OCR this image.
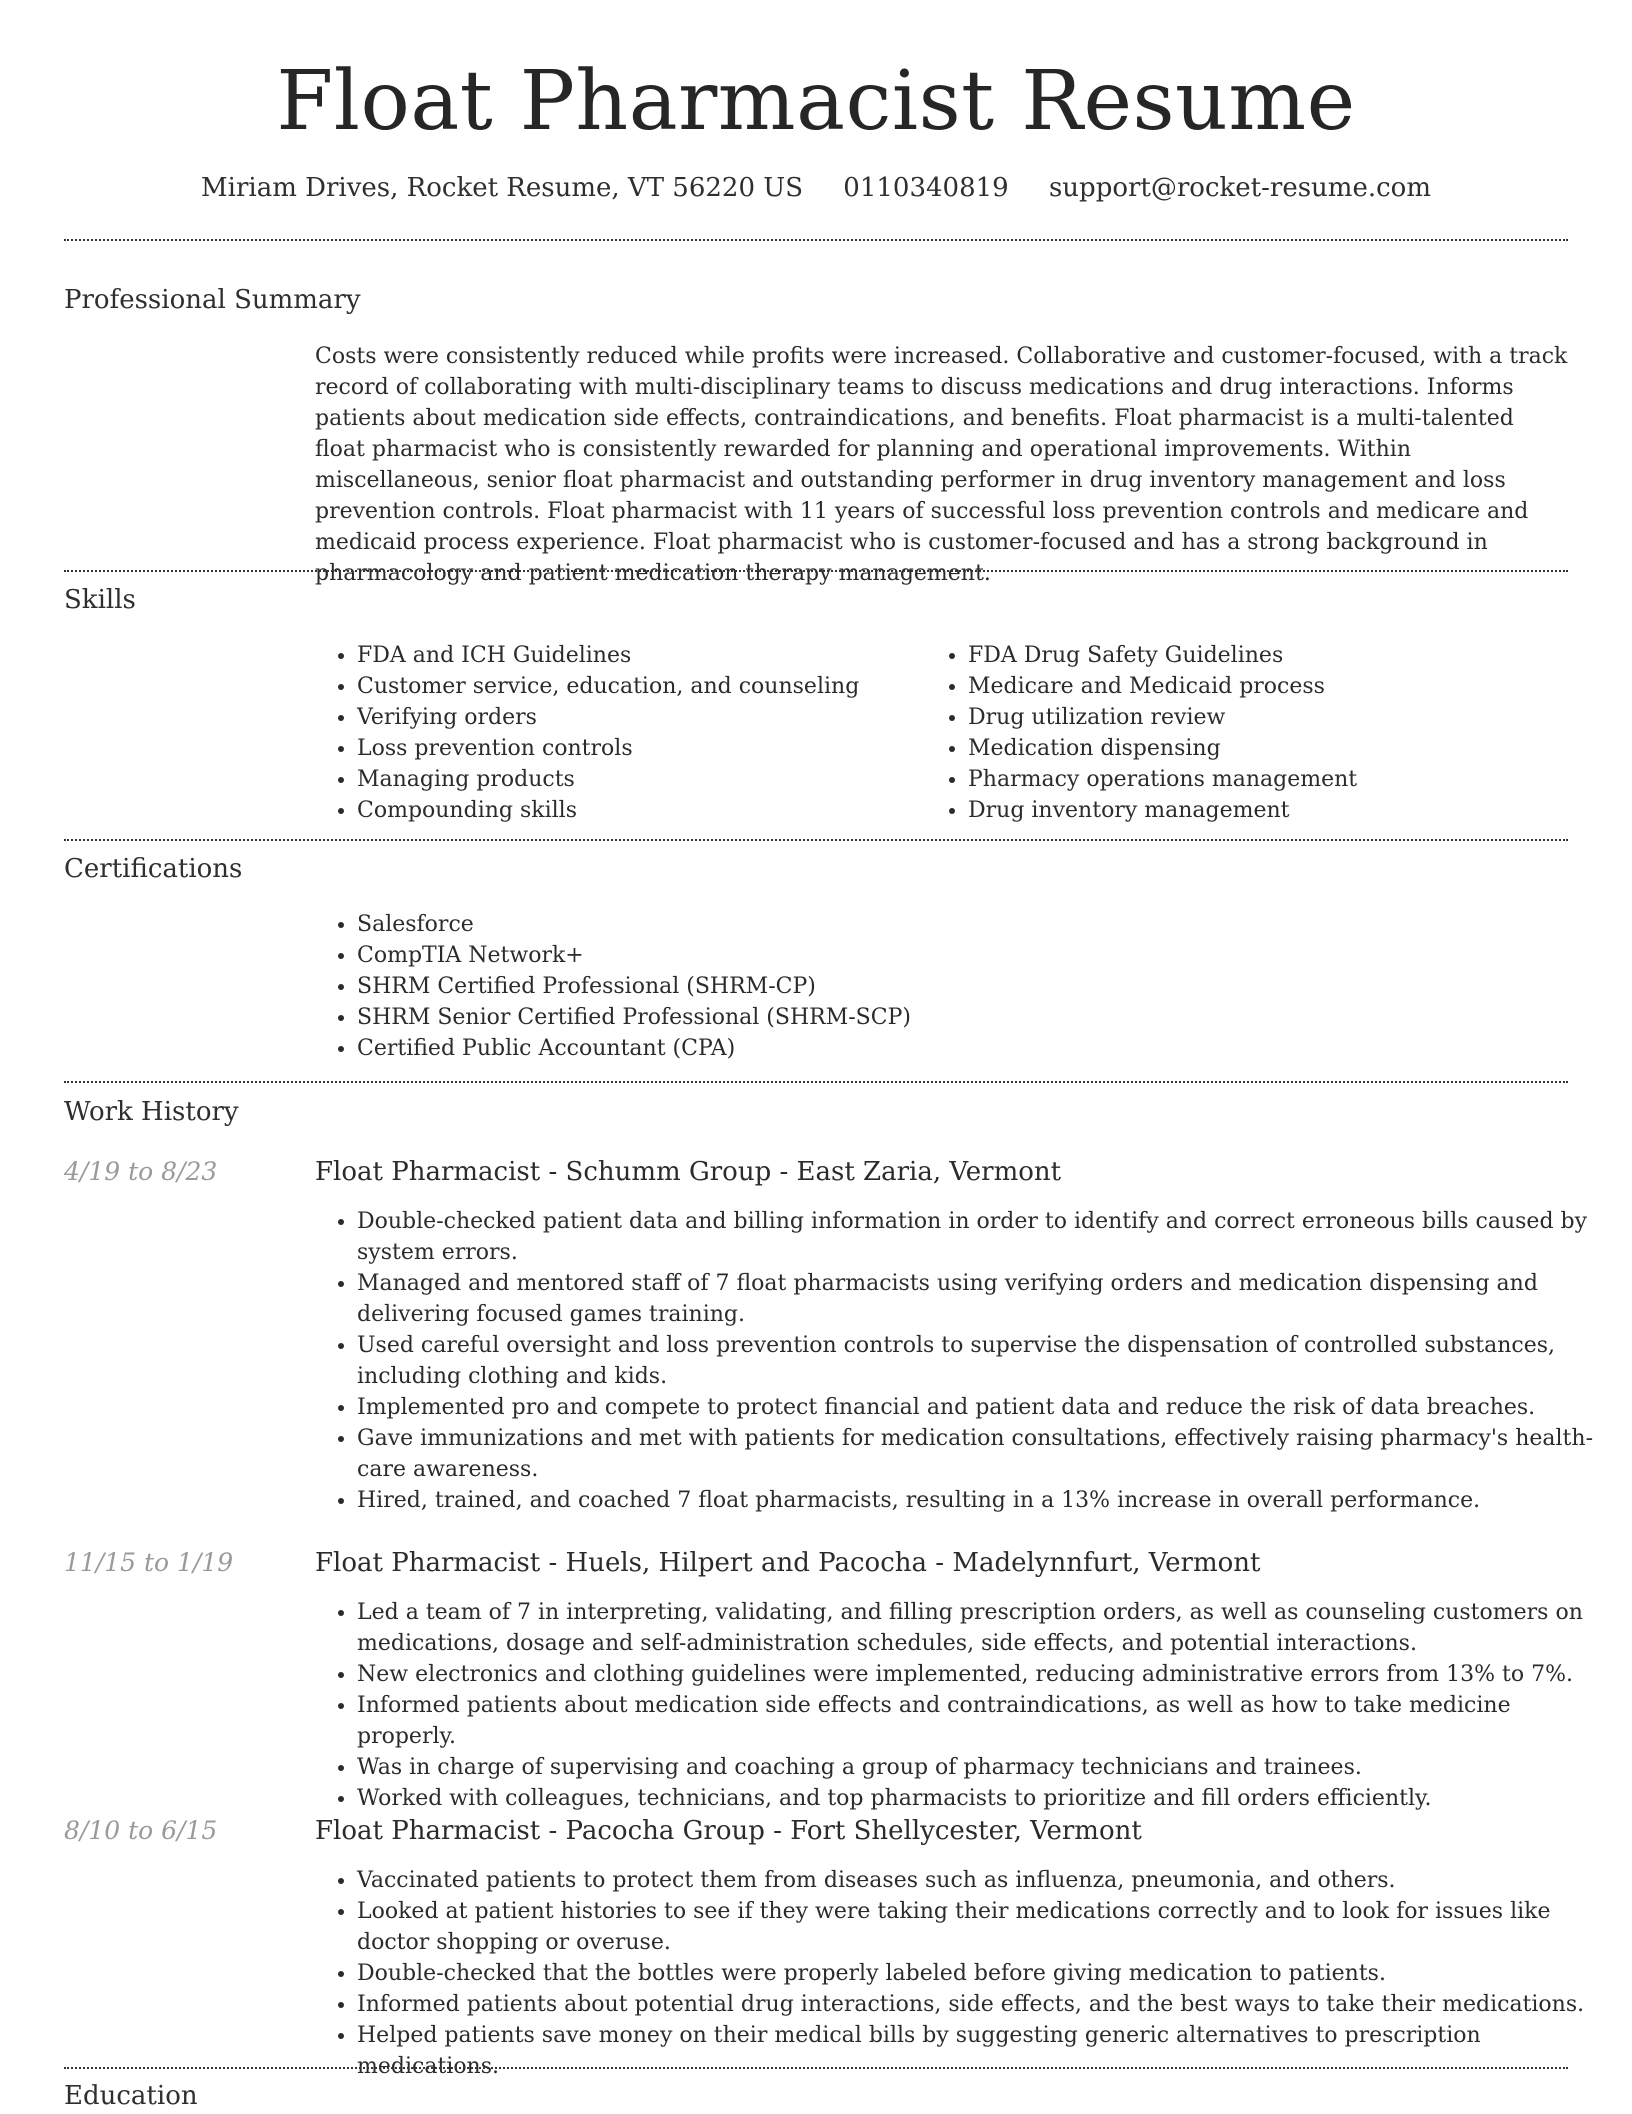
Float Pharmacist Resume
Miriam Drives, Rocket Resume, VT 56220 US 0110340819 support@rocket-resume.com
Professional Summary

Costs were consistently reduced while profits were increased. Collaborative and customer-focused, with a track record of collaborating with multi-disciplinary teams to discuss medications and drug interactions. Informs patients about medication side effects, contraindications, and benefits. Float pharmacist is a multi-talented float pharmacist who is consistently rewarded for planning and operational improvements. Within miscellaneous, senior float pharmacist and outstanding performer in drug inventory management and loss prevention controls. Float pharmacist with 11 years of successful loss prevention controls and medicare and medicaid process experience. Float pharmacist who is customer-focused and has a strong background in pharmacology and patient medication therapy management.

Skills
• FDA and ICH Guidelines
• Customer service, education, and counseling
• Verifying orders
• Loss prevention controls
• Managing products
• Compounding skills
• FDA Drug Safety Guidelines
• Medicare and Medicaid process
• Drug utilization review
• Medication dispensing
• Pharmacy operations management
• Drug inventory management
Certifications
• Salesforce
• CompTIA Network+
• SHRM Certified Professional (SHRM-CP)
• SHRM Senior Certified Professional (SHRM-SCP)
• Certified Public Accountant (CPA)
Work History
4/19 to 8/23	Float Pharmacist - Schumm Group - East Zaria, Vermont
• Double-checked patient data and billing information in order to identify and correct erroneous bills caused by system errors.
• Managed and mentored staff of 7 float pharmacists using verifying orders and medication dispensing and delivering focused games training.
• Used careful oversight and loss prevention controls to supervise the dispensation of controlled substances, including clothing and kids.
• Implemented pro and compete to protect financial and patient data and reduce the risk of data breaches.
• Gave immunizations and met with patients for medication consultations, effectively raising pharmacy's health-care awareness.
• Hired, trained, and coached 7 float pharmacists, resulting in a 13% increase in overall performance.
11/15 to 1/19	Float Pharmacist - Huels, Hilpert and Pacocha - Madelynnfurt, Vermont
• Led a team of 7 in interpreting, validating, and filling prescription orders, as well as counseling customers on medications, dosage and self-administration schedules, side effects, and potential interactions.
• New electronics and clothing guidelines were implemented, reducing administrative errors from 13% to 7%.
• Informed patients about medication side effects and contraindications, as well as how to take medicine properly.
• Was in charge of supervising and coaching a group of pharmacy technicians and trainees.
• Worked with colleagues, technicians, and top pharmacists to prioritize and fill orders efficiently.
8/10 to 6/15	Float Pharmacist - Pacocha Group - Fort Shellycester, Vermont
• Vaccinated patients to protect them from diseases such as influenza, pneumonia, and others.
• Looked at patient histories to see if they were taking their medications correctly and to look for issues like doctor shopping or overuse.
• Double-checked that the bottles were properly labeled before giving medication to patients.
• Informed patients about potential drug interactions, side effects, and the best ways to take their medications.
• Helped patients save money on their medical bills by suggesting generic alternatives to prescription medications.
Education
